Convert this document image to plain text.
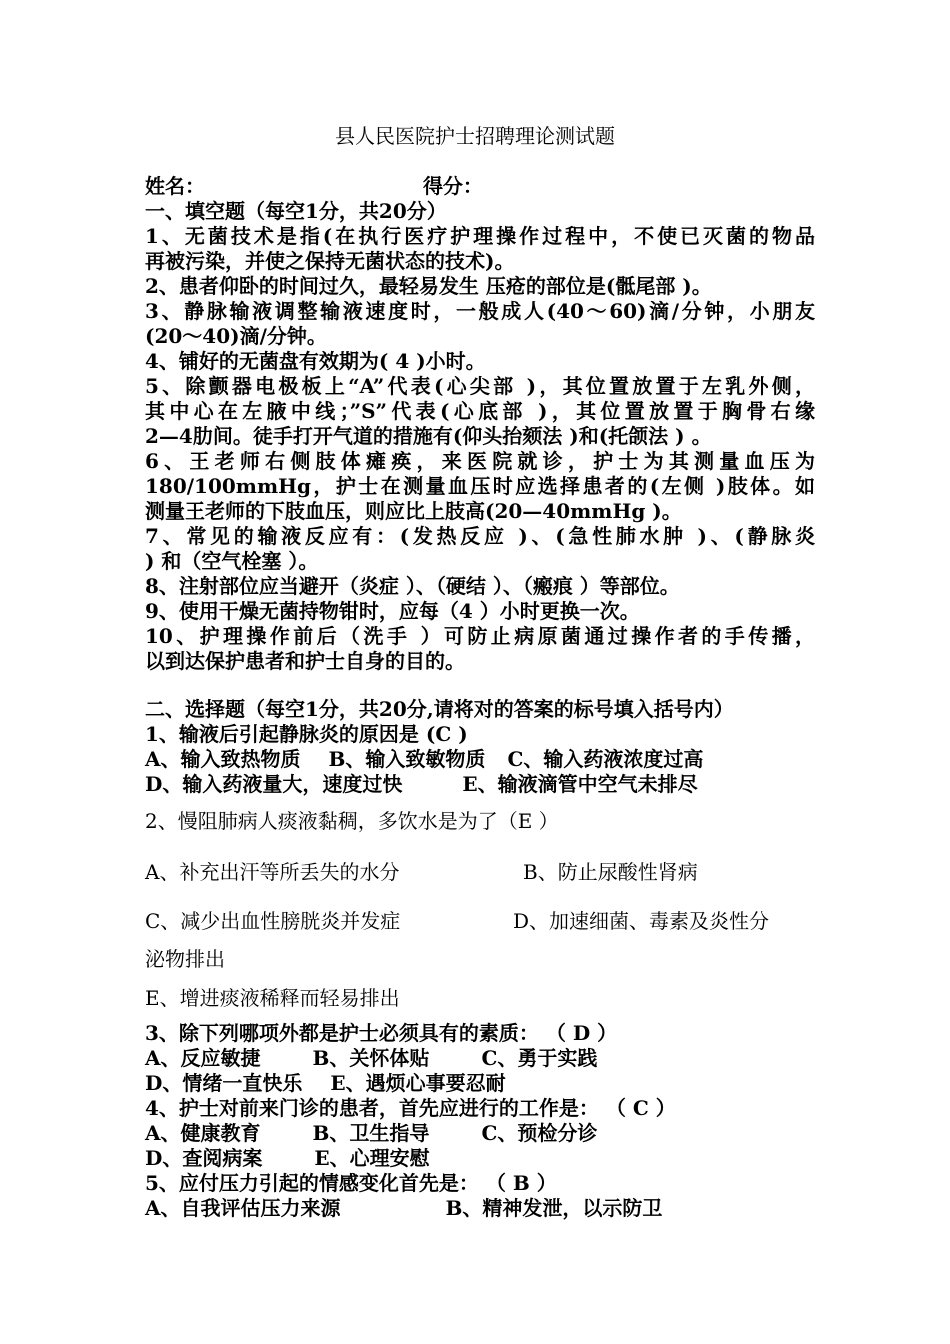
县人民医院护士招聘理论测试题
姓名：	得分：
一、填空题（每空1分，共20分）
1、无菌技术是指(在执行医疗护理操作过程中，不使已灭菌的物品
再被污染，并使之保持无菌状态的技术)。
2、患者仰卧的时间过久，最轻易发生 压疮的部位是(骶尾部 )。
3、静脉输液调整输液速度时，一般成人(40～60)滴/分钟，小朋友
(20～40)滴/分钟。
4、铺好的无菌盘有效期为( 4 )小时。
5、除颤器电极板上“A”代表(心尖部 )，其位置放置于左乳外侧，
其中心在左腋中线；”S”代表(心底部 )，其位置放置于胸骨右缘
2—4肋间。徒手打开气道的措施有(仰头抬颏法 )和(托颌法 ) 。
6、王老师右侧肢体瘫痪，来医院就诊，护士为其测量血压为
180/100mmHg，护士在测量血压时应选择患者的(左侧 )肢体。如
测量王老师的下肢血压，则应比上肢高(20—40mmHg )。
7、常见的输液反应有：(发热反应 )、(急性肺水肿 )、(静脉炎
) 和（空气栓塞 ）。
8、注射部位应当避开（炎症 ）、（硬结 ）、（瘢痕 ）等部位。
9、使用干燥无菌持物钳时，应每（4 ）小时更换一次。
10、护理操作前后（洗手 ）可防止病原菌通过操作者的手传播，
以到达保护患者和护士自身的目的。
二、选择题（每空1分，共20分,请将对的答案的标号填入括号内）
1、输液后引起静脉炎的原因是 (C )
A、输入致热物质 B、输入致敏物质 C、输入药液浓度过高
D、输入药液量大，速度过快	E、输液滴管中空气未排尽
2、慢阻肺病人痰液黏稠，多饮水是为了（E ）
A、补充出汗等所丢失的水分	B、防止尿酸性肾病
C、减少出血性膀胱炎并发症	D、加速细菌、毒素及炎性分
泌物排出
E、增进痰液稀释而轻易排出
3、除下列哪项外都是护士必须具有的素质： （ D ）
A、反应敏捷	B、关怀体贴	C、勇于实践
D、情绪一直快乐 E、遇烦心事要忍耐
4、护士对前来门诊的患者，首先应进行的工作是： （ C ）
A、健康教育	B、卫生指导	C、预检分诊
D、查阅病案	E、心理安慰
5、应付压力引起的情感变化首先是： （ B ）
A、自我评估压力来源	B、精神发泄，以示防卫
